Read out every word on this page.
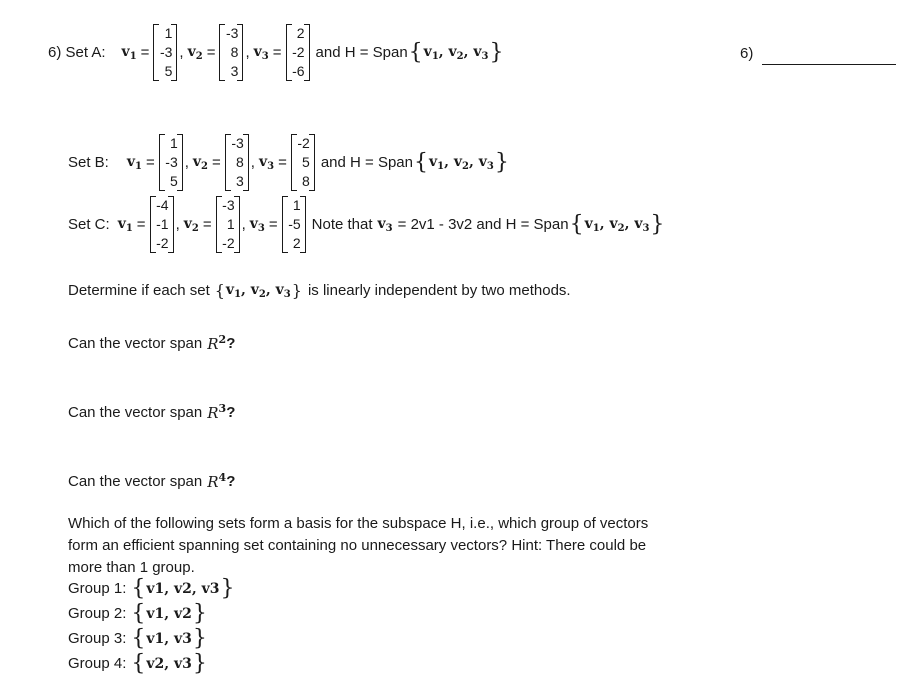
6) Set A: $v_1$ =
1
-3
5
, $v_2$ =
-3
8
3
, $v_3$ =
2
-2
-6
and H = Span { $v_1$, $v_2$, $v_3$ }	6)
Set B: $v_1$ =
1
-3
5
, $v_2$ =
-3
8
3
, $v_3$ =
-2
5
8
and H = Span { $v_1$, $v_2$, $v_3$ }
Set C: $v_1$ =
-4
-1
-2
, $v_2$ =
-3
1
-2
, $v_3$ =
1
-5
2
Note that $v_3 = 2v1 - 3v2$ and H = Span { $v_1$, $v_2$, $v_3$ }
Determine if each set { $v_1$, $v_2$, $v_3$ } is linearly independent by two methods.
Can the vector span $R^2$ ?
Can the vector span $R^3$ ?
Can the vector span $R^4$ ?
Which of the following sets form a basis for the subspace H, i.e., which group of vectors
form an efficient spanning set containing no unnecessary vectors? Hint: There could be
more than 1 group.
Group 1: { v1, v2, v3 }
Group 2: { v1, v2 }
Group 3: { v1, v3 }
Group 4: { v2, v3 }
